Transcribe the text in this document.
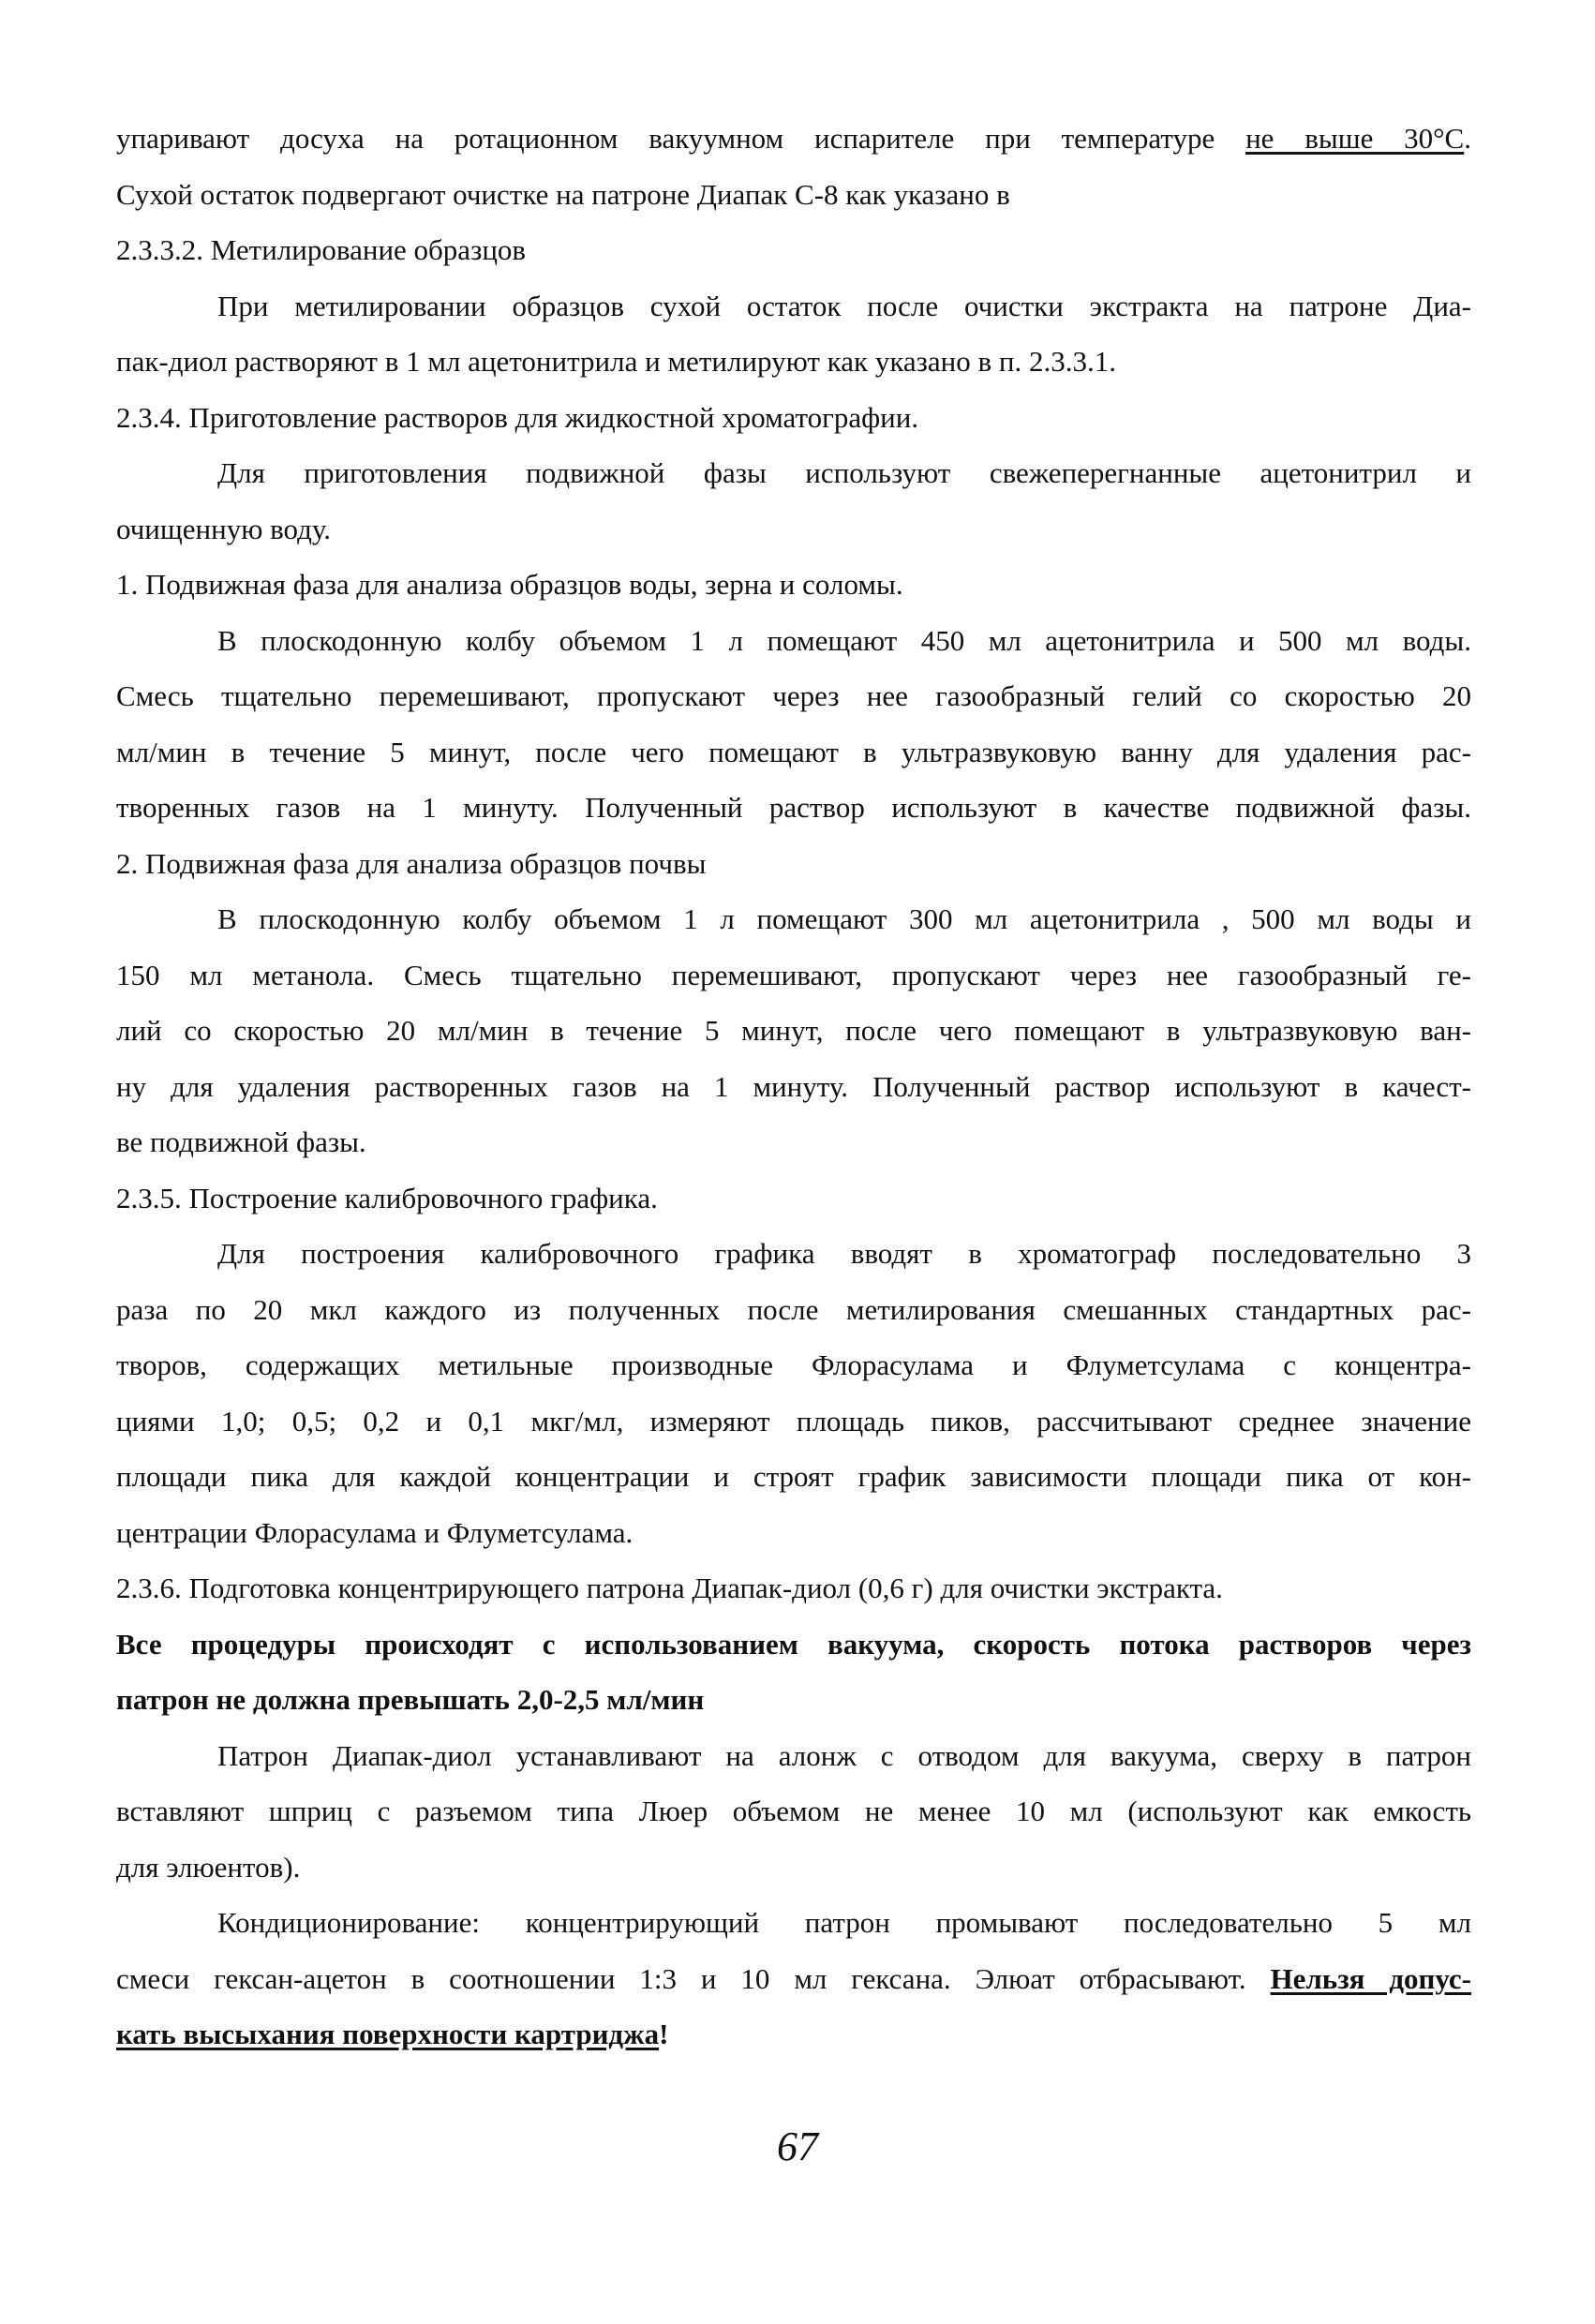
упаривают досуха на ротационном вакуумном испарителе при температуре не выше 30°С.

Сухой остаток подвергают очистке на патроне Диапак С-8 как указано в

2.3.3.2. Метилирование образцов

При метилировании образцов сухой остаток после очистки экстракта на патроне Диа-

пак-диол растворяют в 1 мл ацетонитрила и метилируют как указано в п. 2.3.3.1.

2.3.4. Приготовление растворов для жидкостной хроматографии.

Для приготовления подвижной фазы используют свежеперегнанные ацетонитрил и

очищенную воду.

1. Подвижная фаза для анализа образцов воды, зерна и соломы.

В плоскодонную колбу объемом 1 л помещают 450 мл ацетонитрила и 500 мл воды.

Смесь тщательно перемешивают, пропускают через нее газообразный гелий со скоростью 20

мл/мин в течение 5 минут, после чего помещают в ультразвуковую ванну для удаления рас-

творенных газов на 1 минуту. Полученный раствор используют в качестве подвижной фазы.

2. Подвижная фаза для анализа образцов почвы

В плоскодонную колбу объемом 1 л помещают 300 мл ацетонитрила , 500 мл воды и

150 мл метанола. Смесь тщательно перемешивают, пропускают через нее газообразный ге-

лий со скоростью 20 мл/мин в течение 5 минут, после чего помещают в ультразвуковую ван-

ну для удаления растворенных газов на 1 минуту. Полученный раствор используют в качест-

ве подвижной фазы.

2.3.5. Построение калибровочного графика.

Для построения калибровочного графика вводят в хроматограф последовательно 3

раза по 20 мкл каждого из полученных после метилирования смешанных стандартных рас-

творов, содержащих метильные производные Флорасулама и Флуметсулама с концентра-

циями 1,0; 0,5; 0,2 и 0,1 мкг/мл, измеряют площадь пиков, рассчитывают среднее значение

площади пика для каждой концентрации и строят график зависимости площади пика от кон-

центрации Флорасулама и Флуметсулама.

2.3.6. Подготовка концентрирующего патрона Диапак-диол (0,6 г) для очистки экстракта.

Все процедуры происходят с использованием вакуума, скорость потока растворов через

патрон не должна превышать 2,0-2,5 мл/мин

Патрон Диапак-диол устанавливают на алонж с отводом для вакуума, сверху в патрон

вставляют шприц с разъемом типа Люер объемом не менее 10 мл (используют как емкость

для элюентов).

Кондиционирование: концентрирующий патрон промывают последовательно 5 мл

смеси гексан-ацетон в соотношении 1:3 и 10 мл гексана. Элюат отбрасывают. Нельзя допус-

кать высыхания поверхности картриджа!

67
